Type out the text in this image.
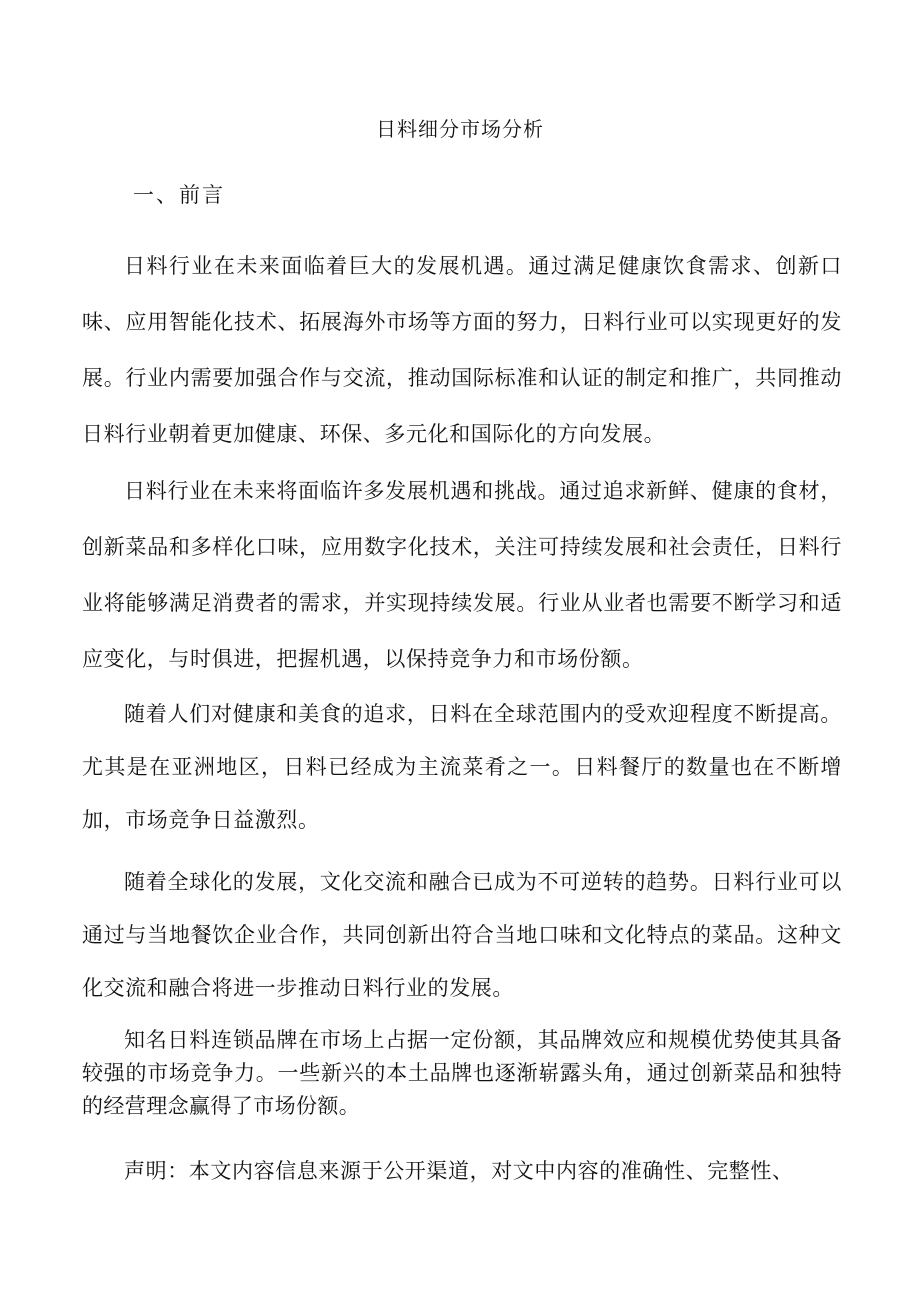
日料细分市场分析
一、前言

日料行业在未来面临着巨大的发展机遇。通过满足健康饮食需求、创新口味、应用智能化技术、拓展海外市场等方面的努力，日料行业可以实现更好的发展。行业内需要加强合作与交流，推动国际标准和认证的制定和推广，共同推动日料行业朝着更加健康、环保、多元化和国际化的方向发展。

日料行业在未来将面临许多发展机遇和挑战。通过追求新鲜、健康的食材，创新菜品和多样化口味，应用数字化技术，关注可持续发展和社会责任，日料行业将能够满足消费者的需求，并实现持续发展。行业从业者也需要不断学习和适应变化，与时俱进，把握机遇，以保持竞争力和市场份额。

随着人们对健康和美食的追求，日料在全球范围内的受欢迎程度不断提高。尤其是在亚洲地区，日料已经成为主流菜肴之一。日料餐厅的数量也在不断增加，市场竞争日益激烈。

随着全球化的发展，文化交流和融合已成为不可逆转的趋势。日料行业可以通过与当地餐饮企业合作，共同创新出符合当地口味和文化特点的菜品。这种文化交流和融合将进一步推动日料行业的发展。

知名日料连锁品牌在市场上占据一定份额，其品牌效应和规模优势使其具备较强的市场竞争力。一些新兴的本土品牌也逐渐崭露头角，通过创新菜品和独特的经营理念赢得了市场份额。

声明：本文内容信息来源于公开渠道，对文中内容的准确性、完整性、
